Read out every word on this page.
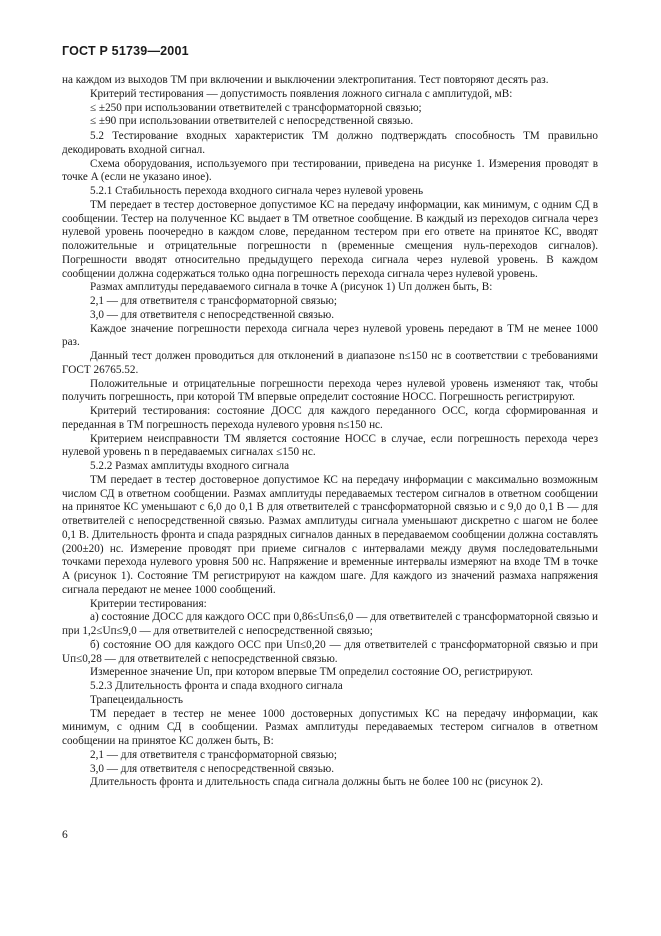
ГОСТ Р 51739—2001

на каждом из выходов ТМ при включении и выключении электропитания. Тест повторяют десять раз.

Критерий тестирования — допустимость появления ложного сигнала с амплитудой, мВ:

≤ ±250 при использовании ответвителей с трансформаторной связью;

≤ ±90 при использовании ответвителей с непосредственной связью.

5.2 Тестирование входных характеристик ТМ должно подтверждать способность ТМ правильно декодировать входной сигнал.

Схема оборудования, используемого при тестировании, приведена на рисунке 1. Измерения проводят в точке A (если не указано иное).

5.2.1 Стабильность перехода входного сигнала через нулевой уровень

ТМ передает в тестер достоверное допустимое КС на передачу информации, как минимум, с одним СД в сообщении. Тестер на полученное КС выдает в ТМ ответное сообщение. В каждый из переходов сигнала через нулевой уровень поочередно в каждом слове, переданном тестером при его ответе на принятое КС, вводят положительные и отрицательные погрешности n (временные смещения нуль-переходов сигналов). Погрешности вводят относительно предыдущего перехода сигнала через нулевой уровень. В каждом сообщении должна содержаться только одна погрешность перехода сигнала через нулевой уровень.

Размах амплитуды передаваемого сигнала в точке A (рисунок 1) Uп должен быть, В:

2,1 — для ответвителя с трансформаторной связью;

3,0 — для ответвителя с непосредственной связью.

Каждое значение погрешности перехода сигнала через нулевой уровень передают в ТМ не менее 1000 раз.

Данный тест должен проводиться для отклонений в диапазоне n≤150 нс в соответствии с требованиями ГОСТ 26765.52.

Положительные и отрицательные погрешности перехода через нулевой уровень изменяют так, чтобы получить погрешность, при которой ТМ впервые определит состояние НОСС. Погрешность регистрируют.

Критерий тестирования: состояние ДОСС для каждого переданного ОСС, когда сформированная и переданная в ТМ погрешность перехода нулевого уровня n≤150 нс.

Критерием неисправности ТМ является состояние НОСС в случае, если погрешность перехода через нулевой уровень n в передаваемых сигналах ≤150 нс.

5.2.2 Размах амплитуды входного сигнала

ТМ передает в тестер достоверное допустимое КС на передачу информации с максимально возможным числом СД в ответном сообщении. Размах амплитуды передаваемых тестером сигналов в ответном сообщении на принятое КС уменьшают с 6,0 до 0,1 В для ответвителей с трансформаторной связью и с 9,0 до 0,1 В — для ответвителей с непосредственной связью. Размах амплитуды сигнала уменьшают дискретно с шагом не более 0,1 В. Длительность фронта и спада разрядных сигналов данных в передаваемом сообщении должна составлять (200±20) нс. Измерение проводят при приеме сигналов с интервалами между двумя последовательными точками перехода нулевого уровня 500 нс. Напряжение и временные интервалы измеряют на входе ТМ в точке A (рисунок 1). Состояние ТМ регистрируют на каждом шаге. Для каждого из значений размаха напряжения сигнала передают не менее 1000 сообщений.

Критерии тестирования:

а) состояние ДОСС для каждого ОСС при 0,86≤Uп≤6,0 — для ответвителей с трансформаторной связью и при 1,2≤Uп≤9,0 — для ответвителей с непосредственной связью;

б) состояние ОО для каждого ОСС при Uп≤0,20 — для ответвителей с трансформаторной связью и при Uп≤0,28 — для ответвителей с непосредственной связью.

Измеренное значение Uп, при котором впервые ТМ определил состояние ОО, регистрируют.

5.2.3 Длительность фронта и спада входного сигнала

Трапецеидальность

ТМ передает в тестер не менее 1000 достоверных допустимых КС на передачу информации, как минимум, с одним СД в сообщении. Размах амплитуды передаваемых тестером сигналов в ответном сообщении на принятое КС должен быть, В:

2,1 — для ответвителя с трансформаторной связью;

3,0 — для ответвителя с непосредственной связью.

Длительность фронта и длительность спада сигнала должны быть не более 100 нс (рисунок 2).

6
